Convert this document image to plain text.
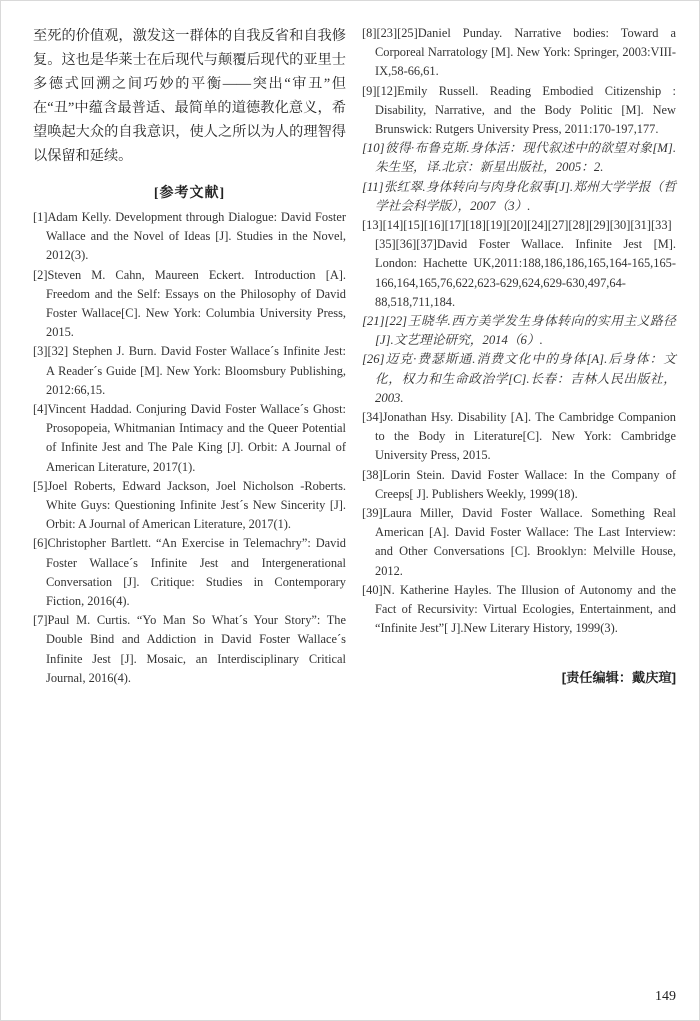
至死的价值观，激发这一群体的自我反省和自我修复。这也是华莱士在后现代与颠覆后现代的亚里士多德式回溯之间巧妙的平衡——突出“审丑”但在“丑”中蕴含最普适、最简单的道德教化意义，希望唤起大众的自我意识，使人之所以为人的理智得以保留和延续。

[参考文献]

[1]Adam Kelly. Development through Dialogue: David Foster Wallace and the Novel of Ideas [J]. Studies in the Novel, 2012(3).

[2]Steven M. Cahn, Maureen Eckert. Introduction [A]. Freedom and the Self: Essays on the Philosophy of David Foster Wallace[C]. New York: Columbia University Press, 2015.

[3][32] Stephen J. Burn. David Foster Wallace´s Infinite Jest: A Reader´s Guide [M]. New York: Bloomsbury Publishing, 2012:66,15.

[4]Vincent Haddad. Conjuring David Foster Wallace´s Ghost: Prosopopeia, Whitmanian Intimacy and the Queer Potential of Infinite Jest and The Pale King [J]. Orbit: A Journal of American Literature, 2017(1).

[5]Joel Roberts, Edward Jackson, Joel Nicholson -Roberts. White Guys: Questioning Infinite Jest´s New Sincerity [J]. Orbit: A Journal of American Literature, 2017(1).

[6]Christopher Bartlett. “An Exercise in Telemachry”: David Foster Wallace´s Infinite Jest and Intergenerational Conversation [J]. Critique: Studies in Contemporary Fiction, 2016(4).

[7]Paul M. Curtis. “Yo Man So What´s Your Story”: The Double Bind and Addiction in David Foster Wallace´s Infinite Jest [J]. Mosaic, an Interdisciplinary Critical Journal, 2016(4).

[8][23][25]Daniel Punday. Narrative bodies: Toward a Corporeal Narratology [M]. New York: Springer, 2003:VIII-IX,58-66,61.

[9][12]Emily Russell. Reading Embodied Citizenship : Disability, Narrative, and the Body Politic [M]. New Brunswick: Rutgers University Press, 2011:170-197,177.

[10]彼得·布鲁克斯.身体活：现代叙述中的欲望对象[M].朱生坚，译.北京：新星出版社，2005：2.

[11]张红翠.身体转向与肉身化叙事[J].郑州大学学报（哲学社会科学版），2007（3）.

[13][14][15][16][17][18][19][20][24][27][28][29][30][31][33][35][36][37]David Foster Wallace. Infinite Jest [M]. London: Hachette UK,2011:188,186,186,165,164-165,165-166,164,165,76,622,623-629,624,629-630,497,64-88,518,711,184.

[21][22]王晓华.西方美学发生身体转向的实用主义路径[J].文艺理论研究，2014（6）.

[26]迈克·费瑟斯通.消费文化中的身体[A].后身体：文化，权力和生命政治学[C].长春：吉林人民出版社，2003.

[34]Jonathan Hsy. Disability [A]. The Cambridge Companion to the Body in Literature[C]. New York: Cambridge University Press, 2015.

[38]Lorin Stein. David Foster Wallace: In the Company of Creeps[ J]. Publishers Weekly, 1999(18).

[39]Laura Miller, David Foster Wallace. Something Real American [A]. David Foster Wallace: The Last Interview: and Other Conversations [C]. Brooklyn: Melville House, 2012.

[40]N. Katherine Hayles. The Illusion of Autonomy and the Fact of Recursivity: Virtual Ecologies, Entertainment, and “Infinite Jest”[ J].New Literary History, 1999(3).

[责任编辑：戴庆瑄]
149
